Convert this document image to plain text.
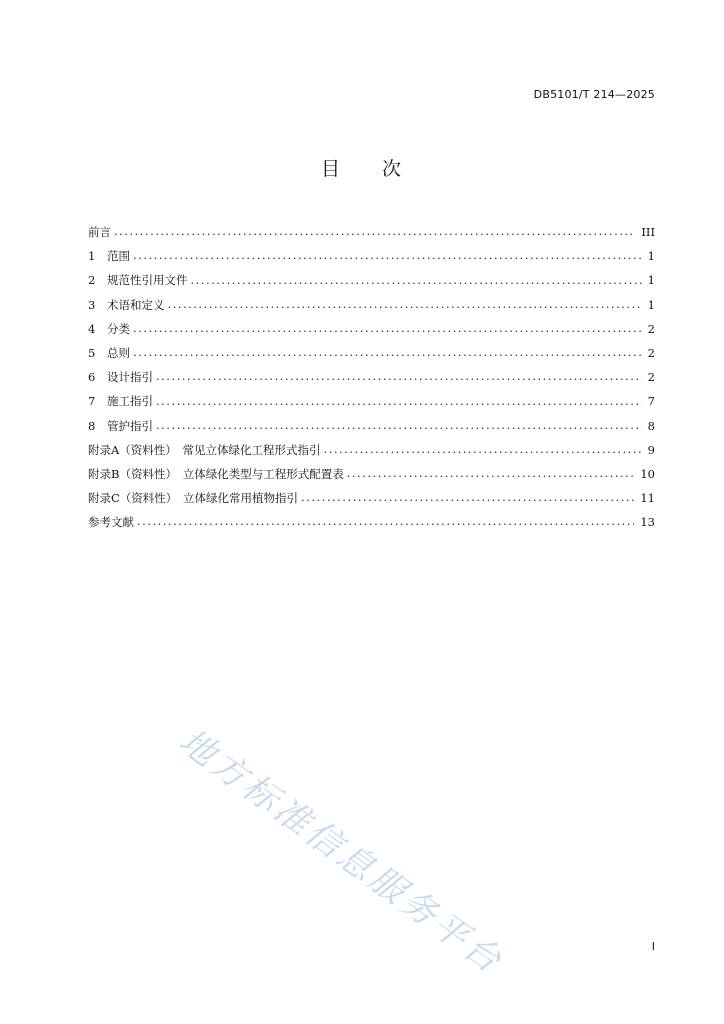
DB5101/T 214—2025
目 次
前言 .....	III
1	范围 .....	1
2	规范性引用文件 .....	1
3	术语和定义 .....	1
4	分类 .....	2
5	总则 .....	2
6	设计指引 .....	2
7	施工指引 .....	7
8	管护指引 .....	8
附录A（资料性）　常见立体绿化工程形式指引 .....	9
附录B（资料性）　立体绿化类型与工程形式配置表 .....	10
附录C（资料性）　立体绿化常用植物指引 .....	11
参考文献 .....	13
地方标准信息服务平台	I
